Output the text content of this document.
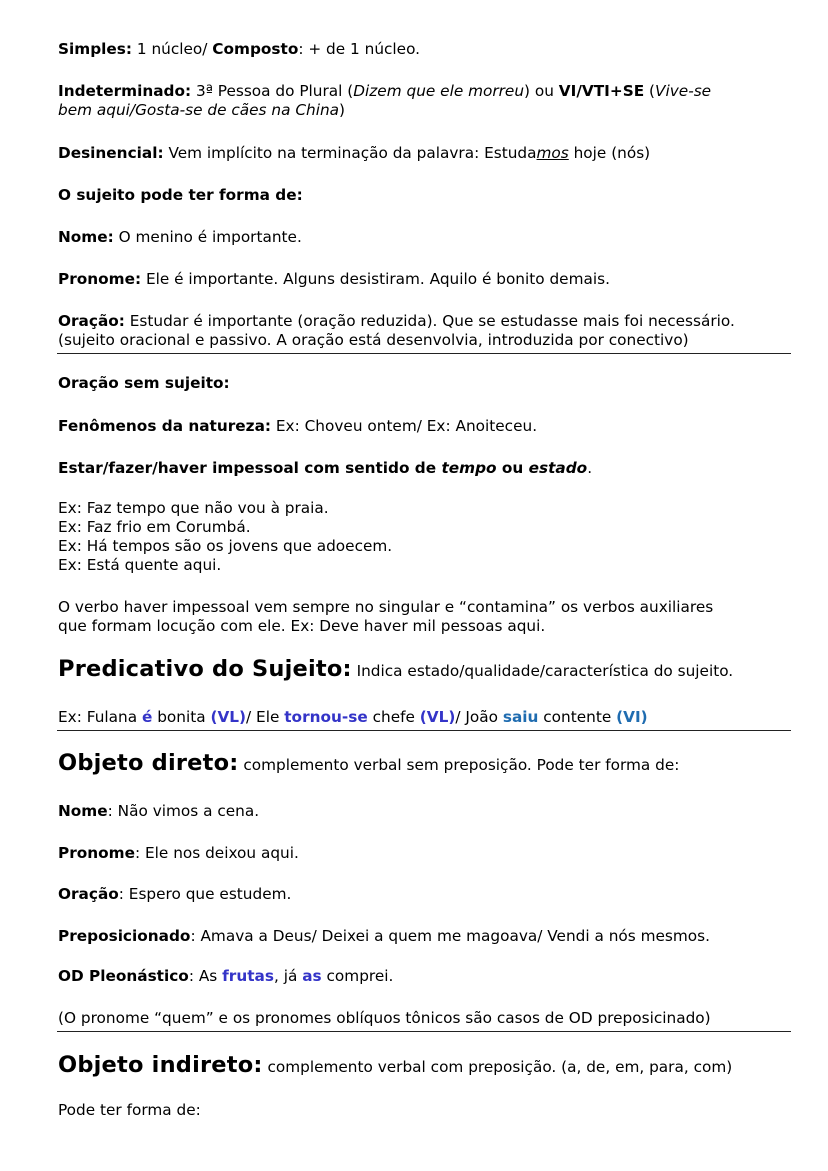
Simples: 1 núcleo/ Composto: + de 1 núcleo.

Indeterminado: 3ª Pessoa do Plural (Dizem que ele morreu) ou VI/VTI+SE (Vive-se

bem aqui/Gosta-se de cães na China)

Desinencial: Vem implícito na terminação da palavra: Estudamos hoje (nós)

O sujeito pode ter forma de:

Nome: O menino é importante.

Pronome: Ele é importante. Alguns desistiram. Aquilo é bonito demais.

Oração: Estudar é importante (oração reduzida). Que se estudasse mais foi necessário.

(sujeito oracional e passivo. A oração está desenvolvia, introduzida por conectivo)

Oração sem sujeito:

Fenômenos da natureza: Ex: Choveu ontem/ Ex: Anoiteceu.

Estar/fazer/haver impessoal com sentido de tempo ou estado.

Ex: Faz tempo que não vou à praia.

Ex: Faz frio em Corumbá.

Ex: Há tempos são os jovens que adoecem.

Ex: Está quente aqui.

O verbo haver impessoal vem sempre no singular e “contamina” os verbos auxiliares

que formam locução com ele. Ex: Deve haver mil pessoas aqui.

Predicativo do Sujeito: Indica estado/qualidade/característica do sujeito.

Ex: Fulana é bonita (VL)/ Ele tornou-se chefe (VL)/ João saiu contente (VI)

Objeto direto: complemento verbal sem preposição. Pode ter forma de:

Nome: Não vimos a cena.

Pronome: Ele nos deixou aqui.

Oração: Espero que estudem.

Preposicionado: Amava a Deus/ Deixei a quem me magoava/ Vendi a nós mesmos.

OD Pleonástico: As frutas, já as comprei.

(O pronome “quem” e os pronomes oblíquos tônicos são casos de OD preposicinado)

Objeto indireto: complemento verbal com preposição. (a, de, em, para, com)

Pode ter forma de:
